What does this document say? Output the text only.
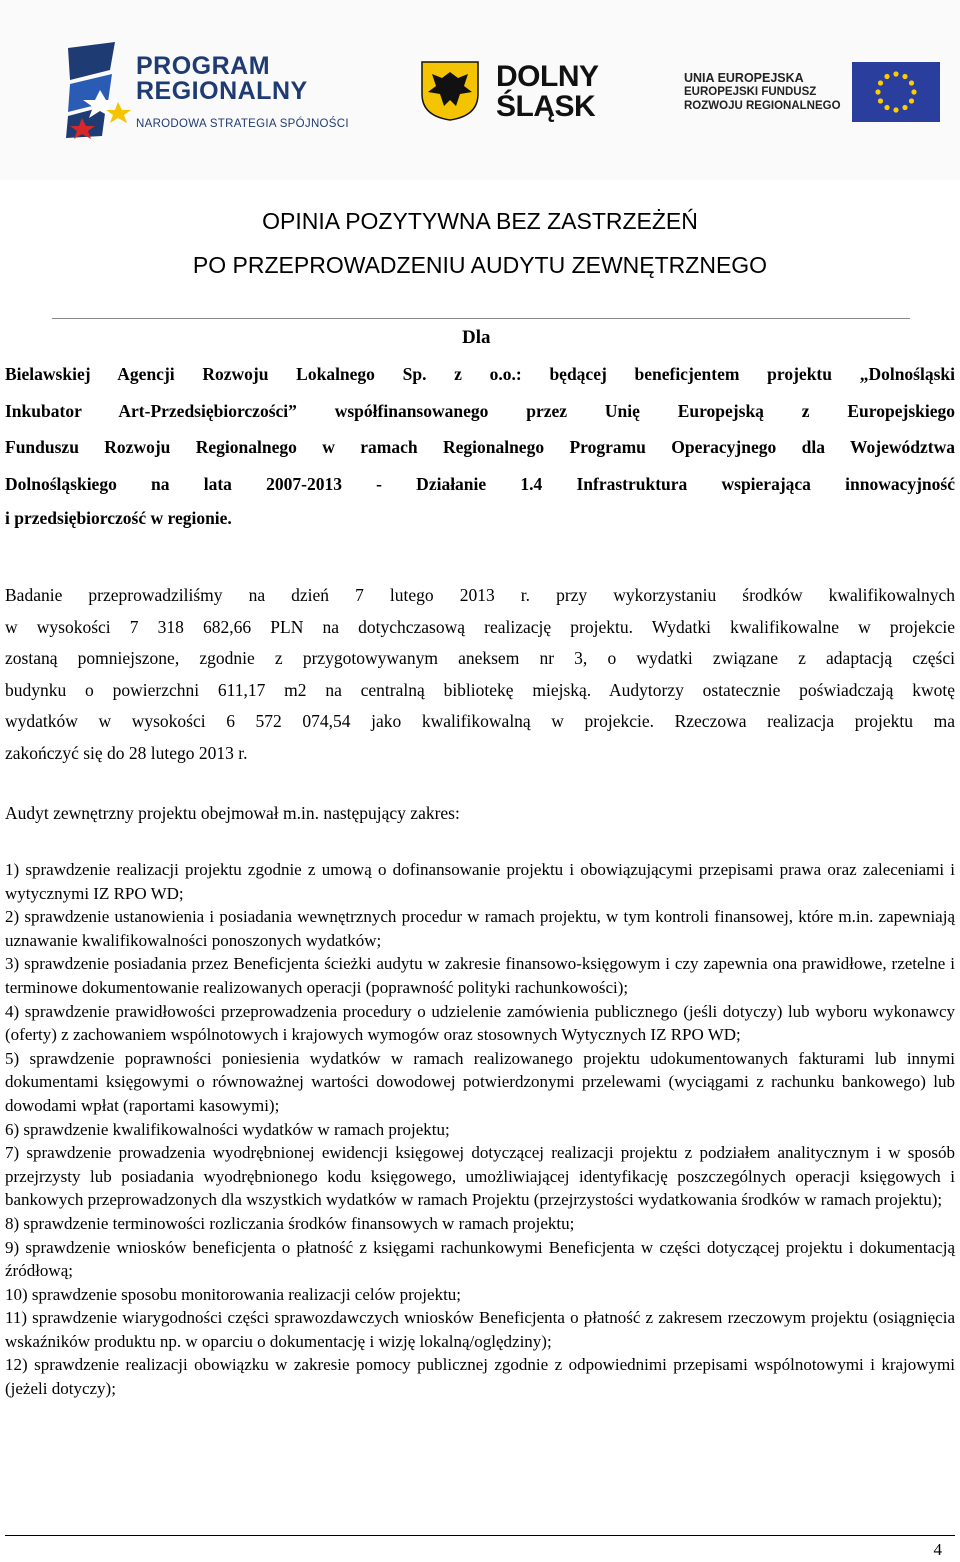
PROGRAM
REGIONALNY
NARODOWA STRATEGIA SPÓJNOŚCI
DOLNY
ŚLĄSK
UNIA EUROPEJSKA
EUROPEJSKI FUNDUSZ
ROZWOJU REGIONALNEGO
OPINIA POZYTYWNA BEZ ZASTRZEŻEŃ
PO PRZEPROWADZENIU AUDYTU ZEWNĘTRZNEGO
Dla
Bielawskiej Agencji Rozwoju Lokalnego Sp. z o.o.: będącej beneficjentem projektu „Dolnośląski
Inkubator Art-Przedsiębiorczości” współfinansowanego przez Unię Europejską z Europejskiego
Funduszu Rozwoju Regionalnego w ramach Regionalnego Programu Operacyjnego dla Województwa
Dolnośląskiego na lata 2007-2013 - Działanie 1.4 Infrastruktura wspierająca innowacyjność
i przedsiębiorczość w regionie.
Badanie przeprowadziliśmy na dzień 7 lutego 2013 r. przy wykorzystaniu środków kwalifikowalnych
w wysokości 7 318 682,66 PLN na dotychczasową realizację projektu. Wydatki kwalifikowalne w projekcie
zostaną pomniejszone, zgodnie z przygotowywanym aneksem nr 3, o wydatki związane z adaptacją części
budynku o powierzchni 611,17 m2 na centralną bibliotekę miejską. Audytorzy ostatecznie poświadczają kwotę
wydatków w wysokości 6 572 074,54 jako kwalifikowalną w projekcie. Rzeczowa realizacja projektu ma
zakończyć się do 28 lutego 2013 r.
Audyt zewnętrzny projektu obejmował m.in. następujący zakres:
1) sprawdzenie realizacji projektu zgodnie z umową o dofinansowanie projektu i obowiązującymi przepisami prawa oraz zaleceniami i wytycznymi IZ RPO WD;
2) sprawdzenie ustanowienia i posiadania wewnętrznych procedur w ramach projektu, w tym kontroli finansowej, które m.in. zapewniają uznawanie kwalifikowalności ponoszonych wydatków;
3) sprawdzenie posiadania przez Beneficjenta ścieżki audytu w zakresie finansowo-księgowym i czy zapewnia ona prawidłowe, rzetelne i terminowe dokumentowanie realizowanych operacji (poprawność polityki rachunkowości);
4) sprawdzenie prawidłowości przeprowadzenia procedury o udzielenie zamówienia publicznego (jeśli dotyczy) lub wyboru wykonawcy (oferty) z zachowaniem wspólnotowych i krajowych wymogów oraz stosownych Wytycznych IZ RPO WD;
5) sprawdzenie poprawności poniesienia wydatków w ramach realizowanego projektu udokumentowanych fakturami lub innymi dokumentami księgowymi o równoważnej wartości dowodowej potwierdzonymi przelewami (wyciągami z rachunku bankowego) lub dowodami wpłat (raportami kasowymi);
6) sprawdzenie kwalifikowalności wydatków w ramach projektu;
7) sprawdzenie prowadzenia wyodrębnionej ewidencji księgowej dotyczącej realizacji projektu z podziałem analitycznym i w sposób przejrzysty lub posiadania wyodrębnionego kodu księgowego, umożliwiającej identyfikację poszczególnych operacji księgowych i bankowych przeprowadzonych dla wszystkich wydatków w ramach Projektu (przejrzystości wydatkowania środków w ramach projektu);
8) sprawdzenie terminowości rozliczania środków finansowych w ramach projektu;
9) sprawdzenie wniosków beneficjenta o płatność z księgami rachunkowymi Beneficjenta w części dotyczącej projektu i dokumentacją źródłową;
10) sprawdzenie sposobu monitorowania realizacji celów projektu;
11) sprawdzenie wiarygodności części sprawozdawczych wniosków Beneficjenta o płatność z zakresem rzeczowym projektu (osiągnięcia wskaźników produktu np. w oparciu o dokumentację i wizję lokalną/oględziny);
12) sprawdzenie realizacji obowiązku w zakresie pomocy publicznej zgodnie z odpowiednimi przepisami wspólnotowymi i krajowymi (jeżeli dotyczy);
4
